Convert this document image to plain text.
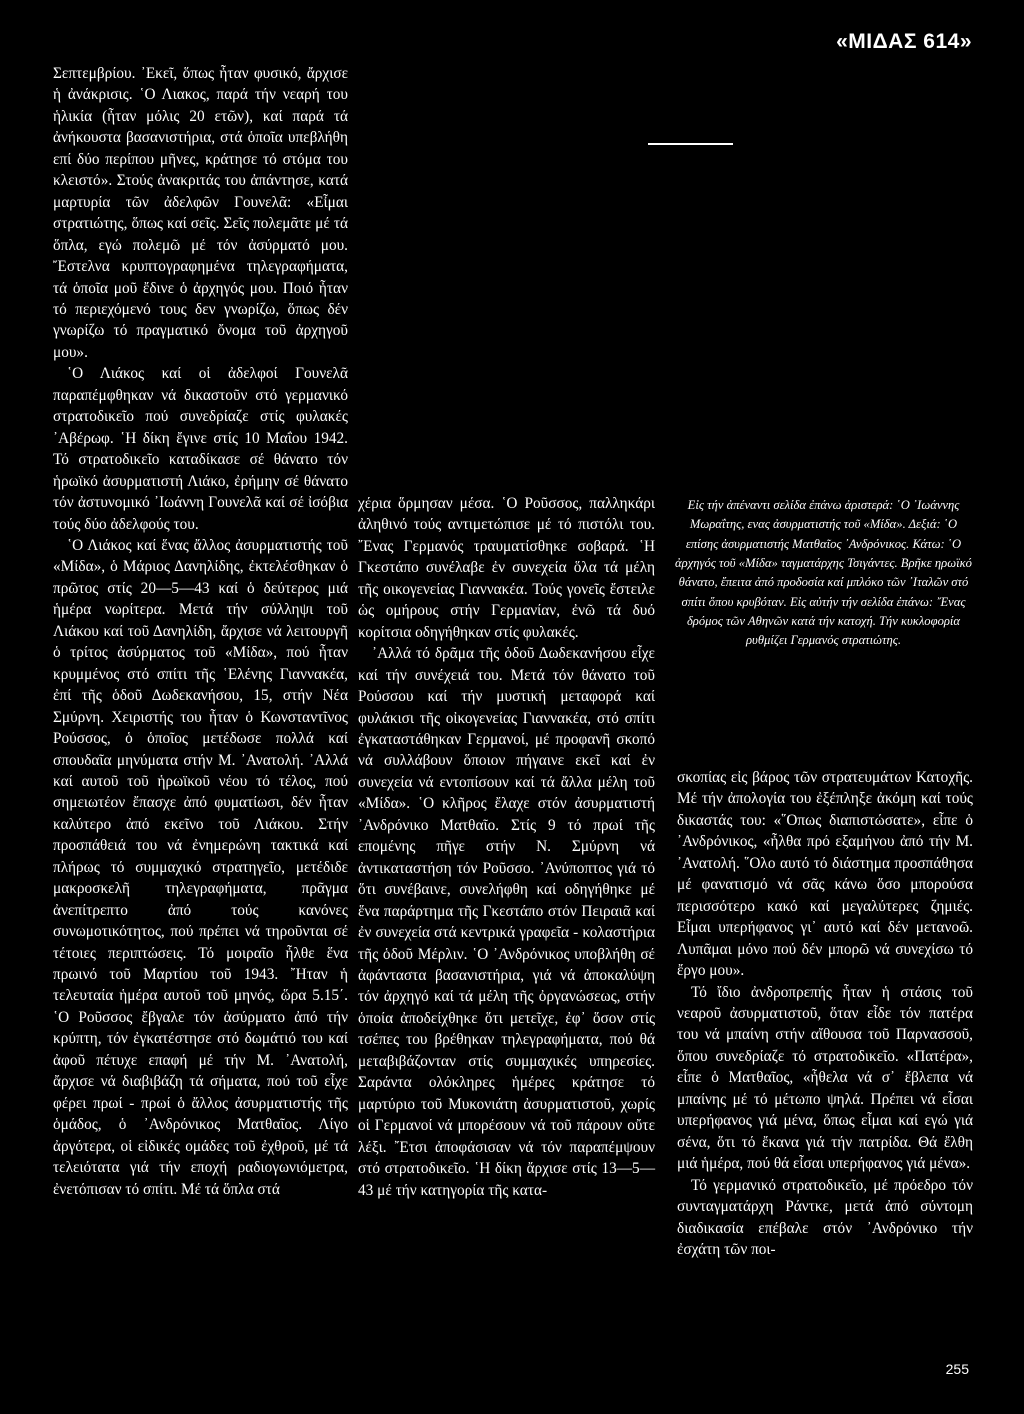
«ΜΙΔΑΣ 614»

Σεπτεμβρίου. ᾿Εκεῖ, ὅπως ἦταν φυσικό, ἄρχισε ἡ ἀνάκρισις. ῾Ο Λιακος, παρά τήν νεαρή του ἡλικία (ἦταν μόλις 20 ετῶν), καί παρά τά ἀνήκουστα βασανιστήρια, στά ὁποῖα υπεβλήθη επί δύο περίπου μῆνες, κράτησε τό στόμα του κλειστό». Στούς ἀνακριτάς του ἀπάντησε, κατά μαρτυρία τῶν ἀδελφῶν Γουνελᾶ: «Εἶμαι στρατιώτης, ὅπως καί σεῖς. Σεῖς πολεμᾶτε μέ τά ὅπλα, εγώ πολεμῶ μέ τόν ἀσύρματό μου. Ἔστελνα κρυπτογραφημένα τηλεγραφήματα, τά ὁποῖα μοῦ ἔδινε ὁ ἀρχηγός μου. Ποιό ἦταν τό περιεχόμενό τους δεν γνωρίζω, ὅπως δέν γνωρίζω τό πραγματικό ὄνομα τοῦ ἀρχηγοῦ μου».

῾Ο Λιάκος καί οἱ ἀδελφοί Γουνελᾶ παραπέμφθηκαν νά δικαστοῦν στό γερμανικό στρατοδικεῖο πού συνεδρίαζε στίς φυλακές ᾿Αβέρωφ. ῾Η δίκη ἔγινε στίς 10 Μαΐου 1942. Τό στρατοδικεῖο καταδίκασε σέ θάνατο τόν ἡρωϊκό ἀσυρματιστή Λιάκο, ἐρήμην σέ θάνατο τόν ἀστυνομικό ᾿Ιωάννη Γουνελᾶ καί σέ ἰσόβια τούς δύο ἀδελφούς του.

῾Ο Λιάκος καί ἕνας ἄλλος ἀσυρματιστής τοῦ «Μίδα», ὁ Μάριος Δανηλίδης, ἐκτελέσθηκαν ὁ πρῶτος στίς 20—5—43 καί ὁ δεύτερος μιά ἡμέρα νωρίτερα. Μετά τήν σύλληψι τοῦ Λιάκου καί τοῦ Δανηλίδη, ἄρχισε νά λειτουργῆ ὁ τρίτος ἀσύρματος τοῦ «Μίδα», πού ἦταν κρυμμένος στό σπίτι τῆς ῾Ελένης Γιαννακέα, ἐπί τῆς ὁδοῦ Δωδεκανήσου, 15, στήν Νέα Σμύρνη. Χειριστής του ἦταν ὁ Κωνσταντῖνος Ρούσσος, ὁ ὁποῖος μετέδωσε πολλά καί σπουδαῖα μηνύματα στήν Μ. ᾿Ανατολή. ᾿Αλλά καί αυτοῦ τοῦ ἡρωϊκοῦ νέου τό τέλος, πού σημειωτέον ἔπασχε ἀπό φυματίωσι, δέν ἦταν καλύτερο ἀπό εκεῖνο τοῦ Λιάκου. Στήν προσπάθειά του νά ἐνημερώνη τακτικά καί πλήρως τό συμμαχικό στρατηγεῖο, μετέδιδε μακροσκελῆ τηλεγραφήματα, πρᾶγμα ἀνεπίτρεπτο ἀπό τούς κανόνες συνωμοτικότητος, πού πρέπει νά τηροῦνται σέ τέτοιες περιπτώσεις. Τό μοιραῖο ἦλθε ἕνα πρωινό τοῦ Μαρτίου τοῦ 1943. ῎Ηταν ἡ τελευταία ἡμέρα αυτοῦ τοῦ μηνός, ὥρα 5.15΄. ῾Ο Ροῦσσος ἔβγαλε τόν ἀσύρματο ἀπό τήν κρύπτη, τόν ἐγκατέστησε στό δωμάτιό του καί ἀφοῦ πέτυχε επαφή μέ τήν Μ. ᾿Ανατολή, ἄρχισε νά διαβιβάζη τά σήματα, πού τοῦ εἶχε φέρει πρωί - πρωί ὁ ἄλλος ἀσυρματιστής τῆς ὁμάδος, ὁ ᾿Ανδρόνικος Ματθαῖος. Λίγο ἀργότερα, οἱ εἰδικές ομάδες τοῦ ἐχθροῦ, μέ τά τελειότατα γιά τήν εποχή ραδιογωνιόμετρα, ἐνετόπισαν τό σπίτι. Μέ τά ὅπλα στά

χέρια ὅρμησαν μέσα. ῾Ο Ροῦσσος, παλληκάρι ἀληθινό τούς αντιμετώπισε μέ τό πιστόλι του. ῎Ενας Γερμανός τραυματίσθηκε σοβαρά. ῾Η Γκεστάπο συνέλαβε ἐν συνεχεία ὅλα τά μέλη τῆς οικογενείας Γιαννακέα. Τούς γονεῖς ἔστειλε ὡς ομήρους στήν Γερμανίαν, ἐνῶ τά δυό κορίτσια οδηγήθηκαν στίς φυλακές.

᾿Αλλά τό δρᾶμα τῆς ὁδοῦ Δωδεκανήσου εἶχε καί τήν συνέχειά του. Μετά τόν θάνατο τοῦ Ρούσσου καί τήν μυστική μεταφορά καί φυλάκισι τῆς οἰκογενείας Γιαννακέα, στό σπίτι ἐγκαταστάθηκαν Γερμανοί, μέ προφανῆ σκοπό νά συλλάβουν ὅποιον πήγαινε εκεῖ καί ἐν συνεχεία νά εντοπίσουν καί τά ἄλλα μέλη τοῦ «Μίδα». ῾Ο κλῆρος ἔλαχε στόν ἀσυρματιστή ᾿Ανδρόνικο Ματθαῖο. Στίς 9 τό πρωί τῆς επομένης πῆγε στήν Ν. Σμύρνη νά ἀντικαταστήση τόν Ροῦσσο. ᾿Ανύποπτος γιά τό ὅτι συνέβαινε, συνελήφθη καί οδηγήθηκε μέ ἕνα παράρτημα τῆς Γκεστάπο στόν Πειραιᾶ καί ἐν συνεχεία στά κεντρικά γραφεῖα - κολαστήρια τῆς ὁδοῦ Μέρλιν. ῾Ο ᾿Ανδρόνικος υποβλήθη σέ ἀφάνταστα βασανιστήρια, γιά νά ἀποκαλύψη τόν ἀρχηγό καί τά μέλη τῆς ὀργανώσεως, στήν ὁποία ἀποδείχθηκε ὅτι μετεῖχε, ἐφ᾿ ὅσον στίς τσέπες του βρέθηκαν τηλεγραφήματα, πού θά μεταβιβάζονταν στίς συμμαχικές υπηρεσίες. Σαράντα ολόκληρες ἡμέρες κράτησε τό μαρτύριο τοῦ Μυκονιάτη ἀσυρματιστοῦ, χωρίς οἱ Γερμανοί νά μπορέσουν νά τοῦ πάρουν οὔτε λέξι. ῎Ετσι ἀποφάσισαν νά τόν παραπέμψουν στό στρατοδικεῖο. ῾Η δίκη ἄρχισε στίς 13—5—43 μέ τήν κατηγορία τῆς κατα-

Εἰς τήν ἀπέναντι σελίδα ἐπάνω ἀριστερά: ῾Ο ᾿Ιωάννης Μωραΐτης, ενας ἀσυρματιστής τοῦ «Μίδα». Δεξιά: ῾Ο επίσης ἀσυρματιστής Ματθαῖος ᾿Ανδρόνικος. Κάτω: ῾Ο ἀρχηγός τοῦ «Μίδα» ταγματάρχης Τσιγάντες. Βρῆκε ηρωϊκό θάνατο, ἔπειτα ἀπό προδοσία καί μπλόκο τῶν ᾿Ιταλῶν στό σπίτι ὅπου κρυβόταν. Εἰς αὐτήν τήν σελίδα ἐπάνω: ῎Ενας δρόμος τῶν Αθηνῶν κατά τήν κατοχή. Τήν κυκλοφορία ρυθμίζει Γερμανός στρατιώτης.

σκοπίας εἰς βάρος τῶν στρατευμάτων Κατοχῆς. Μέ τήν ἀπολογία του ἐξέπληξε ἀκόμη καί τούς δικαστάς του: «῞Οπως διαπιστώσατε», εἶπε ὁ ᾿Ανδρόνικος, «ἦλθα πρό εξαμήνου ἀπό τήν Μ. ᾿Ανατολή. ῞Ολο αυτό τό διάστημα προσπάθησα μέ φανατισμό νά σᾶς κάνω ὅσο μπορούσα περισσότερο κακό καί μεγαλύτερες ζημιές. Εἶμαι υπερήφανος γι᾿ αυτό καί δέν μετανοῶ. Λυπᾶμαι μόνο πού δέν μπορῶ νά συνεχίσω τό ἔργο μου».

Τό ἴδιο ἀνδροπρεπής ἦταν ἡ στάσις τοῦ νεαροῦ ἀσυρματιστοῦ, ὅταν εἶδε τόν πατέρα του νά μπαίνη στήν αἴθουσα τοῦ Παρνασσοῦ, ὅπου συνεδρίαζε τό στρατοδικεῖο. «Πατέρα», εἶπε ὁ Ματθαῖος, «ἦθελα νά σ᾿ ἔβλεπα νά μπαίνης μέ τό μέτωπο ψηλά. Πρέπει νά εἶσαι υπερήφανος γιά μένα, ὅπως εἶμαι καί εγώ γιά σένα, ὅτι τό ἔκανα γιά τήν πατρίδα. Θά ἔλθη μιά ἡμέρα, πού θά εἶσαι υπερήφανος γιά μένα».

Τό γερμανικό στρατοδικεῖο, μέ πρόεδρο τόν συνταγματάρχη Ράντκε, μετά ἀπό σύντομη διαδικασία επέβαλε στόν ᾿Ανδρόνικο τήν ἐσχάτη τῶν ποι-

255
